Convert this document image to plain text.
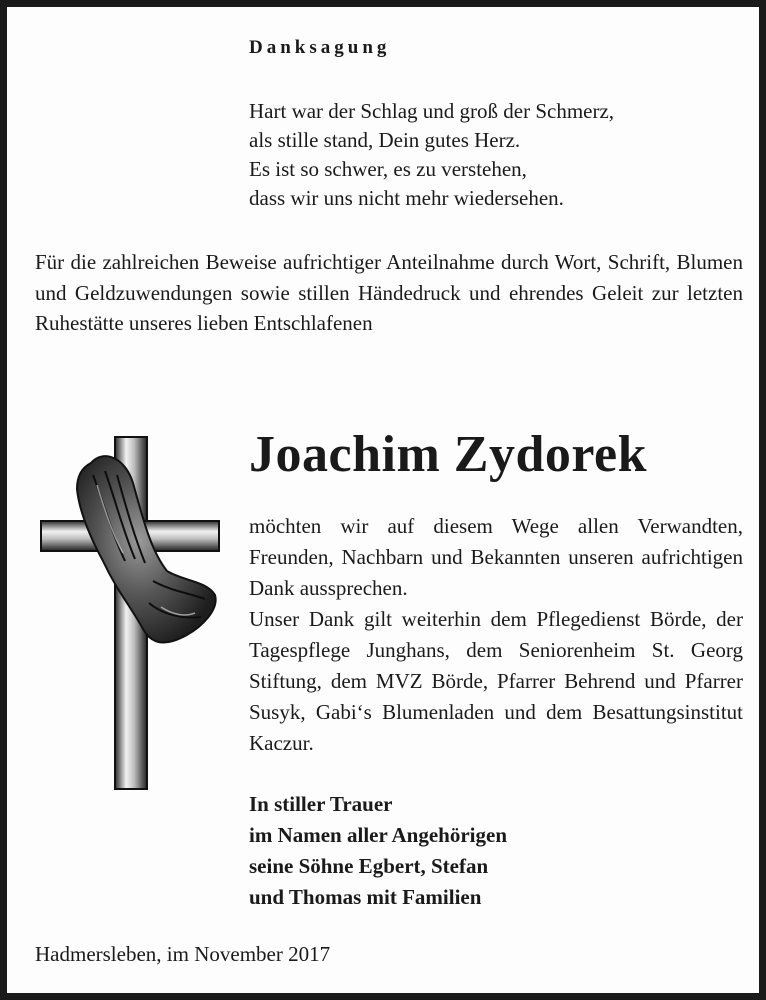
Danksagung
Hart war der Schlag und groß der Schmerz,
als stille stand, Dein gutes Herz.
Es ist so schwer, es zu verstehen,
dass wir uns nicht mehr wiedersehen.
Für die zahlreichen Beweise aufrichtiger Anteilnahme durch Wort, Schrift, Blumen und Geldzuwendungen sowie stillen Händedruck und ehrendes Geleit zur letzten Ruhestätte unseres lieben Entschlafenen
Joachim Zydorek

möchten wir auf diesem Wege allen Verwandten, Freunden, Nachbarn und Bekannten unseren aufrichtigen Dank aussprechen.

Unser Dank gilt weiterhin dem Pflegedienst Börde, der Tagespflege Junghans, dem Seniorenheim St. Georg Stiftung, dem MVZ Börde, Pfarrer Behrend und Pfarrer Susyk, Gabi‘s Blumenladen und dem Besattungsinstitut Kaczur.

In stiller Trauer
im Namen aller Angehörigen
seine Söhne Egbert, Stefan
und Thomas mit Familien
Hadmersleben, im November 2017
